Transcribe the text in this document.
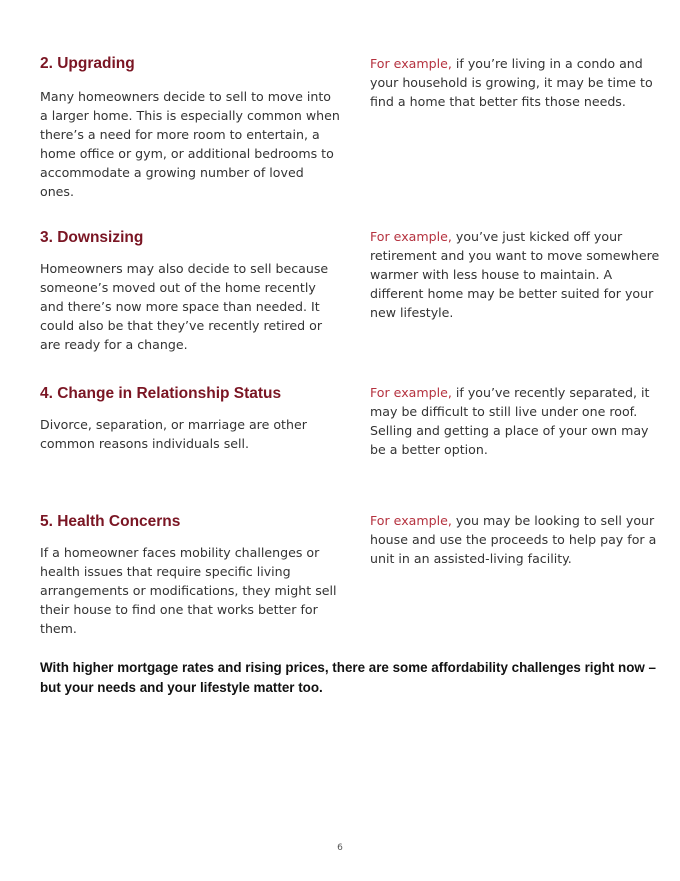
2. Upgrading

Many homeowners decide to sell to move into a larger home. This is especially common when there’s a need for more room to entertain, a home office or gym, or additional bedrooms to accommodate a growing number of loved ones.

For example, if you’re living in a condo and your household is growing, it may be time to find a home that better fits those needs.

3. Downsizing

Homeowners may also decide to sell because someone’s moved out of the home recently and there’s now more space than needed. It could also be that they’ve recently retired or are ready for a change.

For example, you’ve just kicked off your retirement and you want to move somewhere warmer with less house to maintain. A different home may be better suited for your new lifestyle.

4. Change in Relationship Status

Divorce, separation, or marriage are other common reasons individuals sell.

For example, if you’ve recently separated, it may be difficult to still live under one roof. Selling and getting a place of your own may be a better option.

5. Health Concerns

If a homeowner faces mobility challenges or health issues that require specific living arrangements or modifications, they might sell their house to find one that works better for them.

For example, you may be looking to sell your house and use the proceeds to help pay for a unit in an assisted-living facility.

With higher mortgage rates and rising prices, there are some affordability challenges right now – but your needs and your lifestyle matter too.

6
